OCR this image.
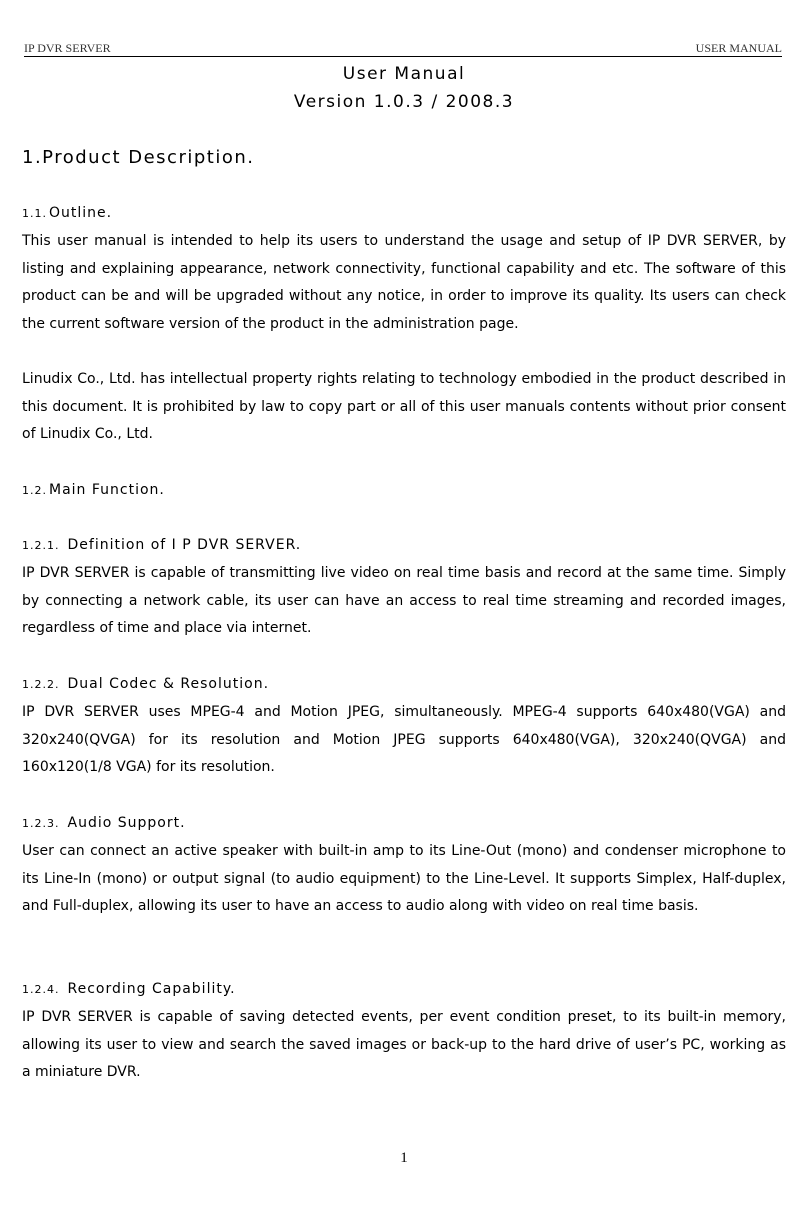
IP DVR SERVER	USER MANUAL
User Manual
Version 1.0.3 / 2008.3
1.Product Description.
1.1. Outline.
This user manual is intended to help its users to understand the usage and setup of IP DVR SERVER, by listing and explaining appearance, network connectivity, functional capability and etc. The software of this product can be and will be upgraded without any notice, in order to improve its quality. Its users can check the current software version of the product in the administration page.
Linudix Co., Ltd. has intellectual property rights relating to technology embodied in the product described in this document. It is prohibited by law to copy part or all of this user manuals contents without prior consent of Linudix Co., Ltd.
1.2. Main Function.
1.2.1. Definition of I P DVR SERVER.
IP DVR SERVER is capable of transmitting live video on real time basis and record at the same time. Simply by connecting a network cable, its user can have an access to real time streaming and recorded images, regardless of time and place via internet.
1.2.2. Dual Codec & Resolution.
IP DVR SERVER uses MPEG-4 and Motion JPEG, simultaneously. MPEG-4 supports 640x480(VGA) and 320x240(QVGA) for its resolution and Motion JPEG supports 640x480(VGA), 320x240(QVGA) and 160x120(1/8 VGA) for its resolution.
1.2.3. Audio Support.
User can connect an active speaker with built-in amp to its Line-Out (mono) and condenser microphone to its Line-In (mono) or output signal (to audio equipment) to the Line-Level. It supports Simplex, Half-duplex, and Full-duplex, allowing its user to have an access to audio along with video on real time basis.
1.2.4. Recording Capability.
IP DVR SERVER is capable of saving detected events, per event condition preset, to its built-in memory, allowing its user to view and search the saved images or back-up to the hard drive of user’s PC, working as a miniature DVR.
1
